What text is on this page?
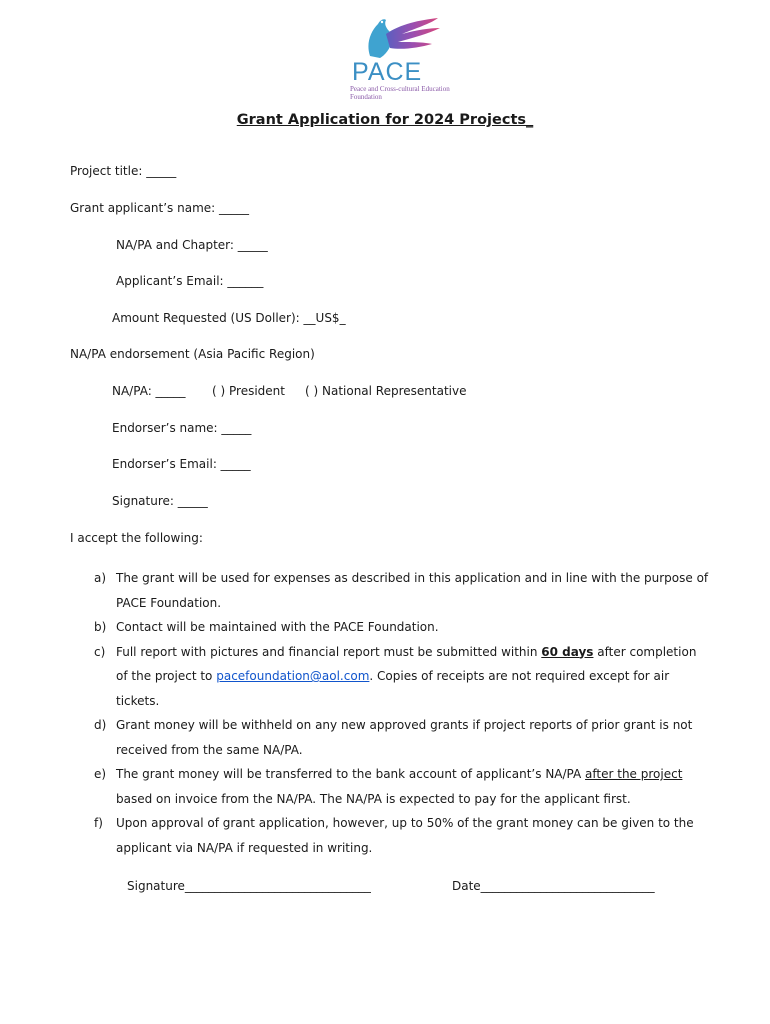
PACE
Peace and Cross-cultural Education Foundation
Grant Application for 2024 Projects_
Project title: _____
Grant applicant’s name: _____
NA/PA and Chapter: _____
Applicant’s Email: ______
Amount Requested (US Doller): __US$_
NA/PA endorsement (Asia Pacific Region)
NA/PA: _____ ( ) President ( ) National Representative
Endorser’s name: _____
Endorser’s Email: _____
Signature: _____
I accept the following:
a) The grant will be used for expenses as described in this application and in line with the purpose of PACE Foundation.
b) Contact will be maintained with the PACE Foundation.
c) Full report with pictures and financial report must be submitted within 60 days after completion of the project to pacefoundation@aol.com. Copies of receipts are not required except for air tickets.
d) Grant money will be withheld on any new approved grants if project reports of prior grant is not received from the same NA/PA.
e) The grant money will be transferred to the bank account of applicant’s NA/PA after the project based on invoice from the NA/PA. The NA/PA is expected to pay for the applicant first.
f) Upon approval of grant application, however, up to 50% of the grant money can be given to the applicant via NA/PA if requested in writing.
Signature_______________________________	Date_____________________________
